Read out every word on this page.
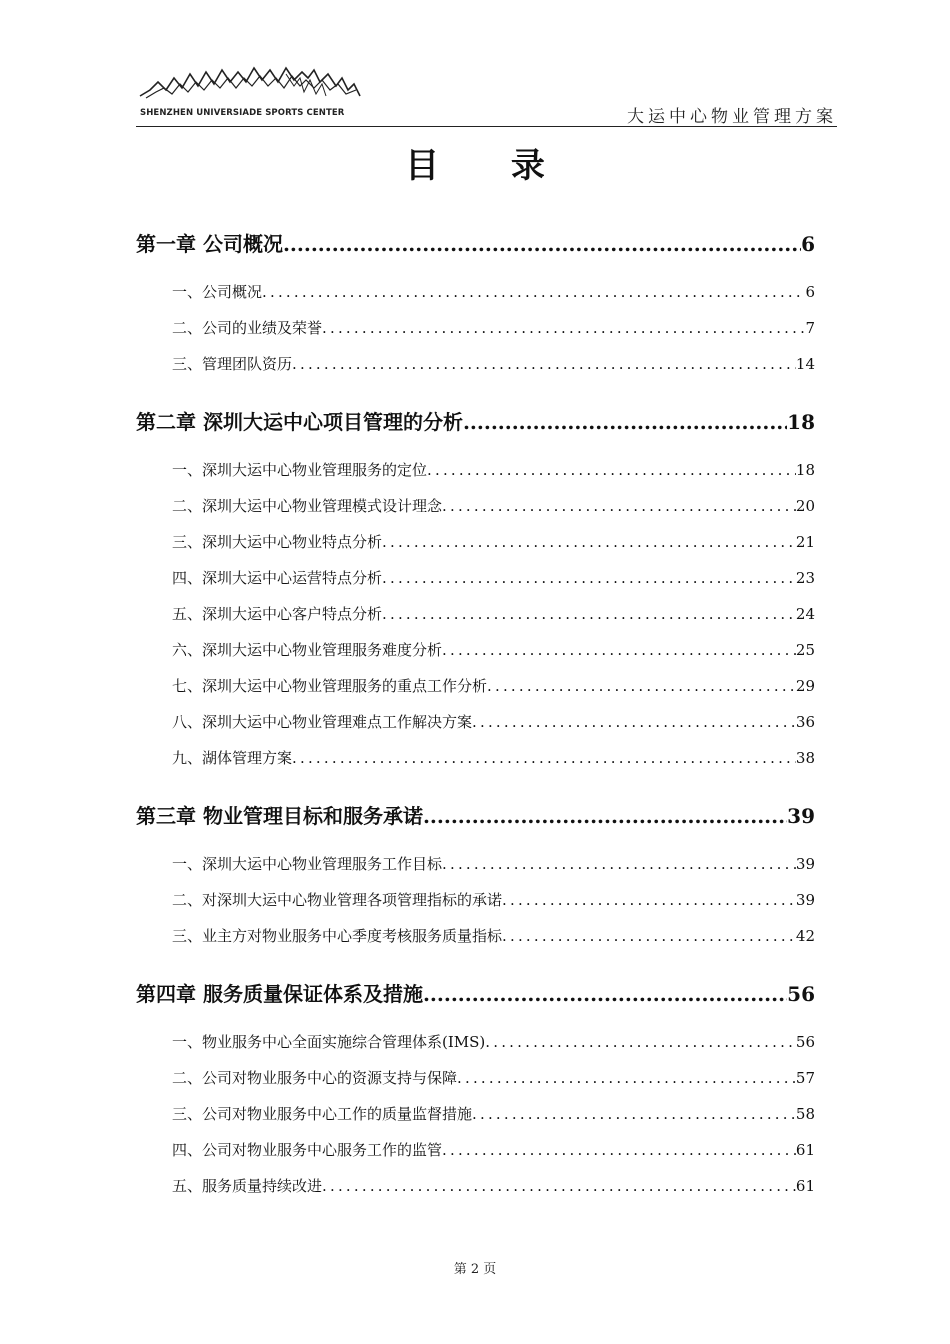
SHENZHEN UNIVERSIADE SPORTS CENTER	大运中心物业管理方案
目 录
第一章 公司概况 .....	6
一、公司概况 .....	6
二、公司的业绩及荣誉 .....	7
三、管理团队资历 .....	14
第二章 深圳大运中心项目管理的分析 .....	18
一、深圳大运中心物业管理服务的定位 .....	18
二、深圳大运中心物业管理模式设计理念 .....	20
三、深圳大运中心物业特点分析 .....	21
四、深圳大运中心运营特点分析 .....	23
五、深圳大运中心客户特点分析 .....	24
六、深圳大运中心物业管理服务难度分析 .....	25
七、深圳大运中心物业管理服务的重点工作分析 .....	29
八、深圳大运中心物业管理难点工作解决方案 .....	36
九、湖体管理方案 .....	38
第三章 物业管理目标和服务承诺 .....	39
一、深圳大运中心物业管理服务工作目标 .....	39
二、对深圳大运中心物业管理各项管理指标的承诺 .....	39
三、业主方对物业服务中心季度考核服务质量指标 .....	42
第四章 服务质量保证体系及措施 .....	56
一、物业服务中心全面实施综合管理体系(IMS) .....	56
二、公司对物业服务中心的资源支持与保障 .....	57
三、公司对物业服务中心工作的质量监督措施 .....	58
四、公司对物业服务中心服务工作的监管 .....	61
五、服务质量持续改进 .....	61
第 2 页
